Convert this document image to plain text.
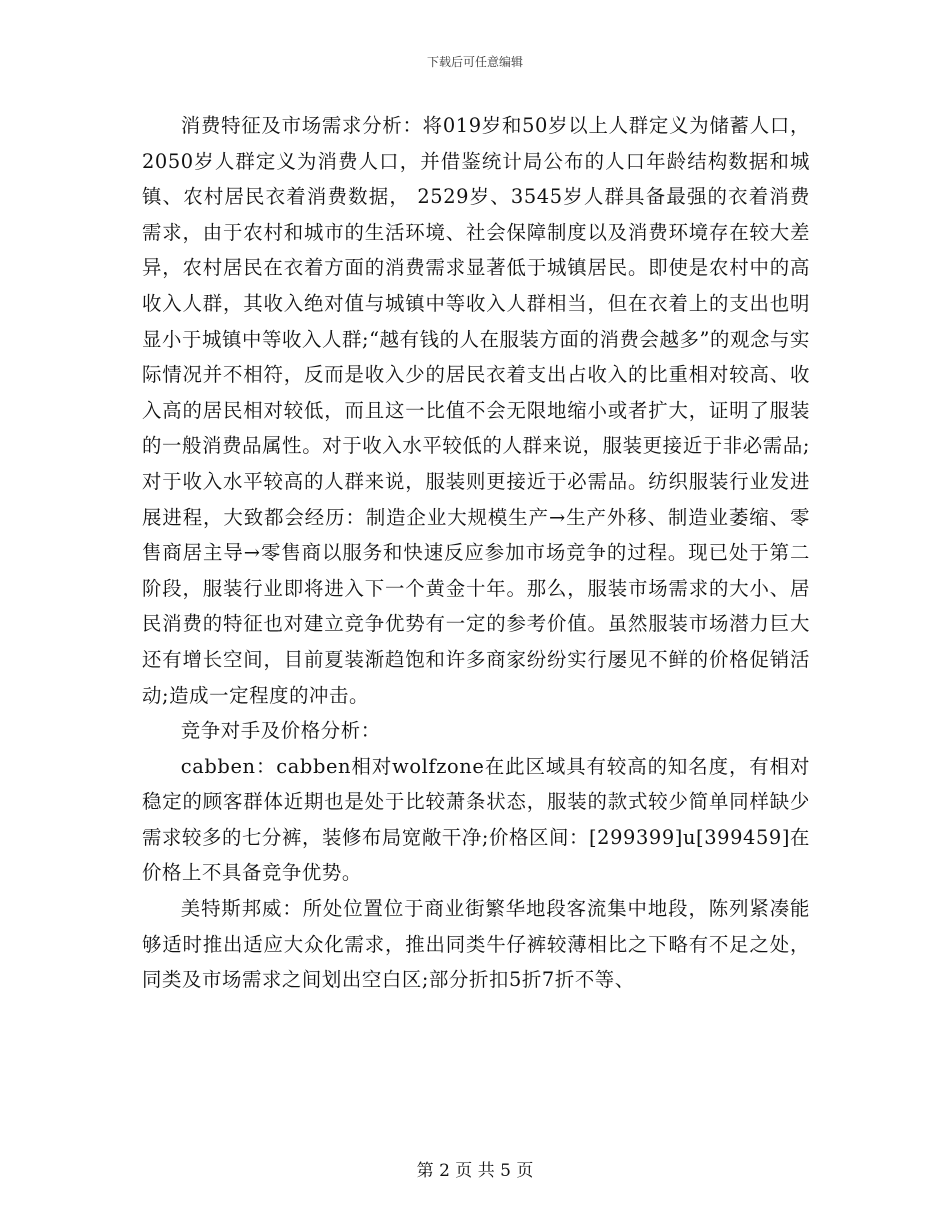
下载后可任意编辑

消费特征及市场需求分析：将019岁和50岁以上人群定义为储蓄人口，2050岁人群定义为消费人口，并借鉴统计局公布的人口年龄结构数据和城镇、农村居民衣着消费数据， 2529岁、3545岁人群具备最强的衣着消费需求，由于农村和城市的生活环境、社会保障制度以及消费环境存在较大差异，农村居民在衣着方面的消费需求显著低于城镇居民。即使是农村中的高收入人群，其收入绝对值与城镇中等收入人群相当，但在衣着上的支出也明显小于城镇中等收入人群;“越有钱的人在服装方面的消费会越多”的观念与实际情况并不相符，反而是收入少的居民衣着支出占收入的比重相对较高、收入高的居民相对较低，而且这一比值不会无限地缩小或者扩大，证明了服装的一般消费品属性。对于收入水平较低的人群来说，服装更接近于非必需品;对于收入水平较高的人群来说，服装则更接近于必需品。纺织服装行业发进展进程，大致都会经历：制造企业大规模生产→生产外移、制造业萎缩、零售商居主导→零售商以服务和快速反应参加市场竞争的过程。现已处于第二阶段，服装行业即将进入下一个黄金十年。那么，服装市场需求的大小、居民消费的特征也对建立竞争优势有一定的参考价值。虽然服装市场潜力巨大还有增长空间，目前夏装渐趋饱和许多商家纷纷实行屡见不鲜的价格促销活动;造成一定程度的冲击。

竞争对手及价格分析：

cabben：cabben相对wolfzone在此区域具有较高的知名度，有相对稳定的顾客群体近期也是处于比较萧条状态，服装的款式较少简单同样缺少需求较多的七分裤，装修布局宽敞干净;价格区间：[299399]u[399459]在价格上不具备竞争优势。

美特斯邦威：所处位置位于商业街繁华地段客流集中地段，陈列紧凑能够适时推出适应大众化需求，推出同类牛仔裤较薄相比之下略有不足之处，同类及市场需求之间划出空白区;部分折扣5折7折不等、

第 2 页 共 5 页
